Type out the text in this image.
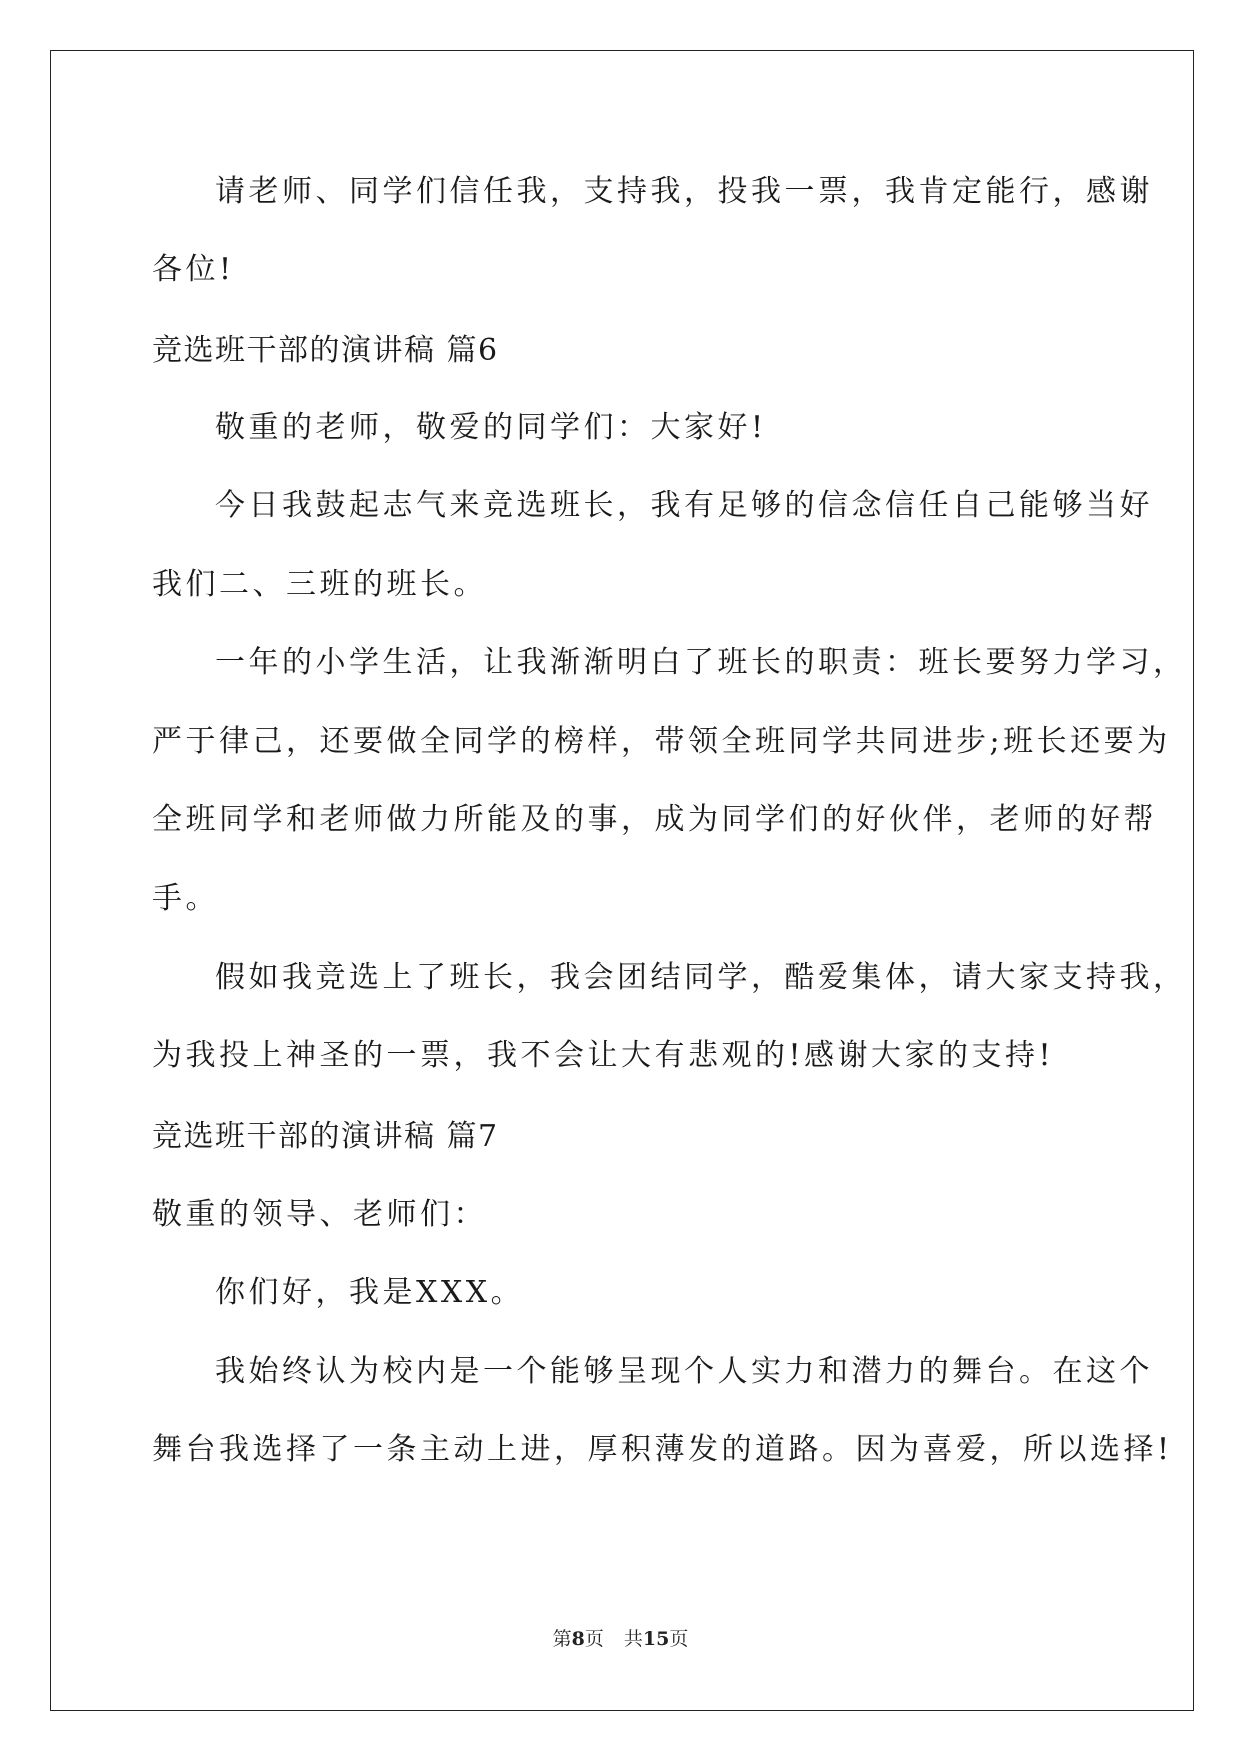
请老师、同学们信任我，支持我，投我一票，我肯定能行，感谢
各位!
竞选班干部的演讲稿 篇6
敬重的老师，敬爱的同学们：大家好!
今日我鼓起志气来竞选班长，我有足够的信念信任自己能够当好
我们二、三班的班长。
一年的小学生活，让我渐渐明白了班长的职责：班长要努力学习，
严于律己，还要做全同学的榜样，带领全班同学共同进步;班长还要为
全班同学和老师做力所能及的事，成为同学们的好伙伴，老师的好帮
手。
假如我竞选上了班长，我会团结同学，酷爱集体，请大家支持我，
为我投上神圣的一票，我不会让大有悲观的!感谢大家的支持!
竞选班干部的演讲稿 篇7
敬重的领导、老师们：
你们好，我是XXX。
我始终认为校内是一个能够呈现个人实力和潜力的舞台。在这个
舞台我选择了一条主动上进，厚积薄发的道路。因为喜爱，所以选择!
第8页 共15页
